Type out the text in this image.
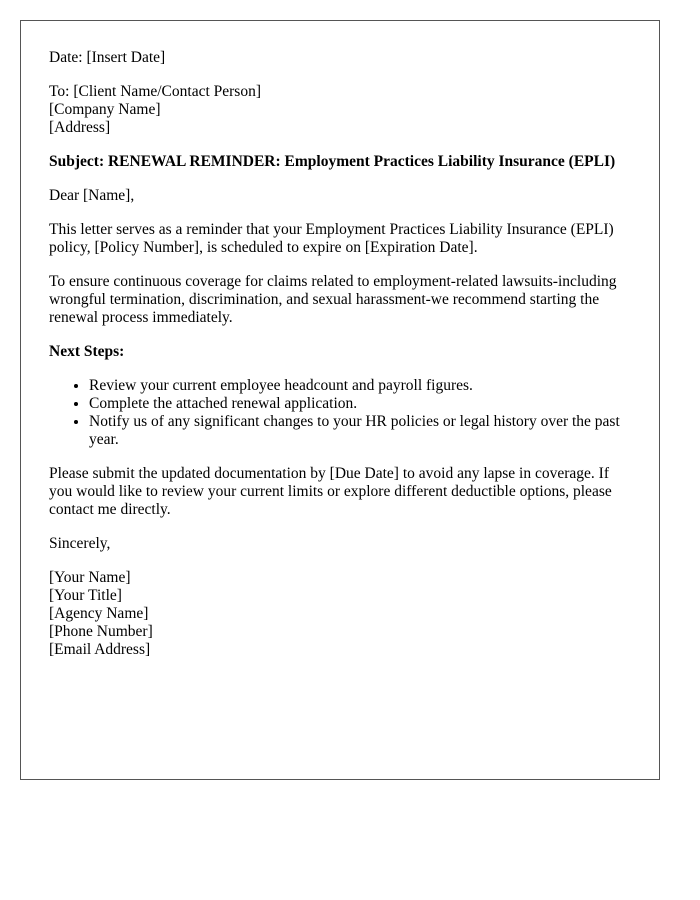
Date: [Insert Date]
To: [Client Name/Contact Person]
[Company Name]
[Address]
Subject: RENEWAL REMINDER: Employment Practices Liability Insurance (EPLI)
Dear [Name],
This letter serves as a reminder that your Employment Practices Liability Insurance (EPLI) policy, [Policy Number], is scheduled to expire on [Expiration Date].
To ensure continuous coverage for claims related to employment-related lawsuits-including wrongful termination, discrimination, and sexual harassment-we recommend starting the renewal process immediately.
Next Steps:
• Review your current employee headcount and payroll figures.
• Complete the attached renewal application.
• Notify us of any significant changes to your HR policies or legal history over the past year.
Please submit the updated documentation by [Due Date] to avoid any lapse in coverage. If you would like to review your current limits or explore different deductible options, please contact me directly.
Sincerely,
[Your Name]
[Your Title]
[Agency Name]
[Phone Number]
[Email Address]
